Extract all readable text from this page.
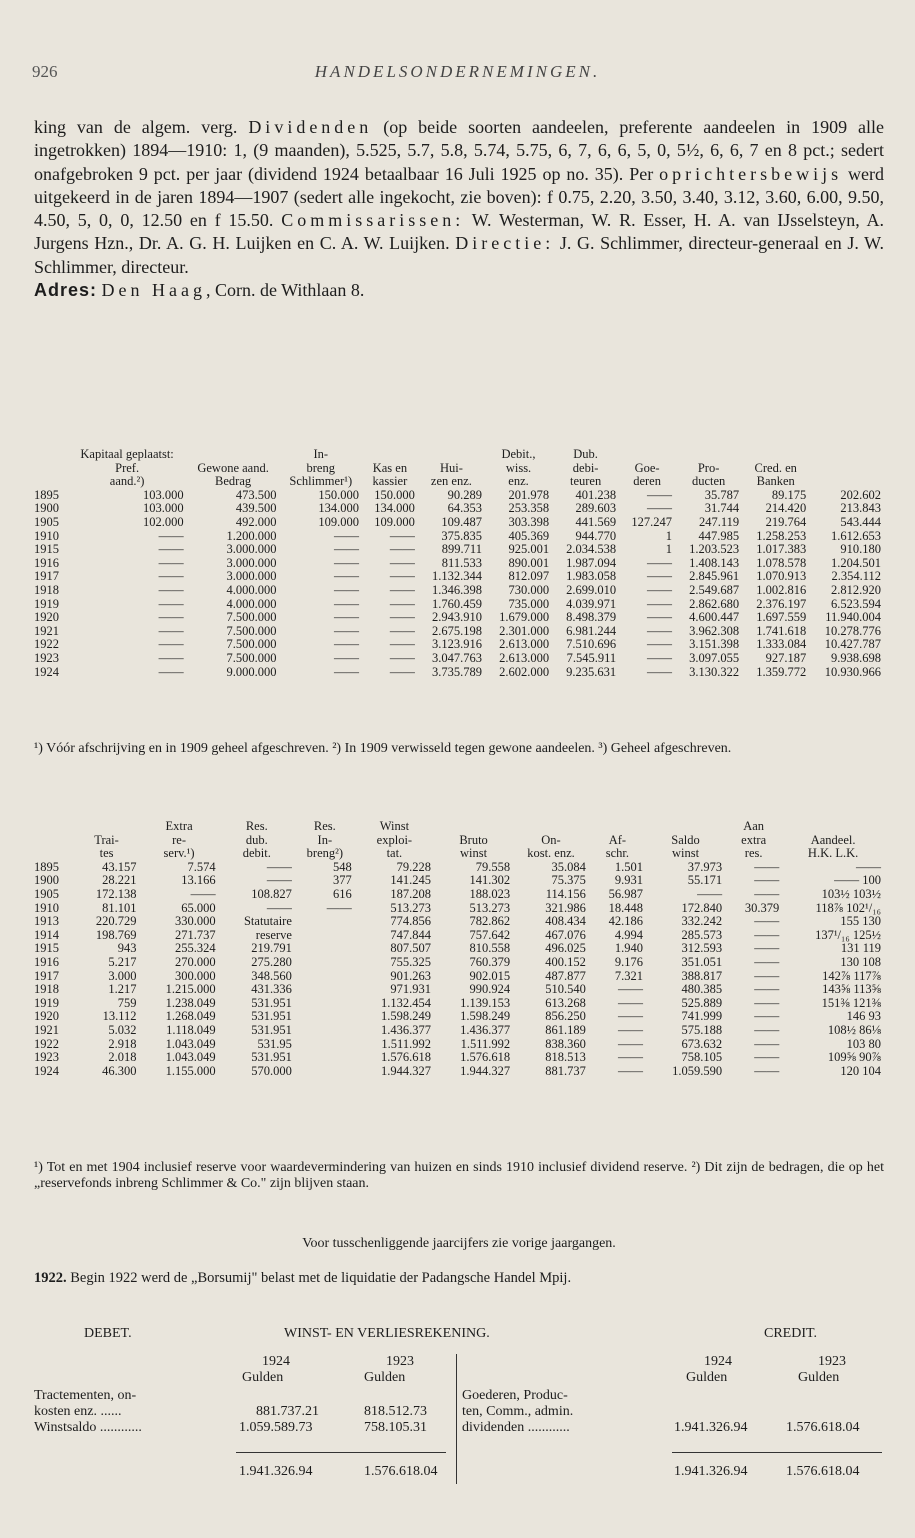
926	HANDELSONDERNEMINGEN.
king van de algem. verg. Dividenden (op beide soorten aandeelen, preferente aandeelen in 1909 alle ingetrokken) 1894—1910: 1, (9 maanden), 5.525, 5.7, 5.8, 5.74, 5.75, 6, 7, 6, 6, 5, 0, 5½, 6, 6, 7 en 8 pct.; sedert onafgebroken 9 pct. per jaar (dividend 1924 betaalbaar 16 Juli 1925 op no. 35). Per oprichtersbewijs werd uitgekeerd in de jaren 1894—1907 (sedert alle ingekocht, zie boven): f 0.75, 2.20, 3.50, 3.40, 3.12, 3.60, 6.00, 9.50, 4.50, 5, 0, 0, 12.50 en f 15.50. Commissarissen: W. Westerman, W. R. Esser, H. A. van IJsselsteyn, A. Jurgens Hzn., Dr. A. G. H. Luijken en C. A. W. Luijken. Directie: J. G. Schlimmer, directeur-generaal en J. W. Schlimmer, directeur.
Adres: Den Haag, Corn. de Withlaan 8.
	Kapitaal geplaatst:		In-			Debit.,	Dub.				
	Pref.	Gewone aand.	breng	Kas en	Hui-	wiss.	debi-	Goe-	Pro-	Cred. en	
	aand.²)	Bedrag	Schlimmer¹)	kassier	zen enz.	enz.	teuren	deren	ducten	Banken	
1895	103.000	473.500	150.000	150.000	90.289	201.978	401.238	——	35.787	89.175	202.602
1900	103.000	439.500	134.000	134.000	64.353	253.358	289.603	——	31.744	214.420	213.843
1905	102.000	492.000	109.000	109.000	109.487	303.398	441.569	127.247	247.119	219.764	543.444
1910	——	1.200.000	——	——	375.835	405.369	944.770	1	447.985	1.258.253	1.612.653
1915	——	3.000.000	——	——	899.711	925.001	2.034.538	1	1.203.523	1.017.383	910.180
1916	——	3.000.000	——	——	811.533	890.001	1.987.094	——	1.408.143	1.078.578	1.204.501
1917	——	3.000.000	——	——	1.132.344	812.097	1.983.058	——	2.845.961	1.070.913	2.354.112
1918	——	4.000.000	——	——	1.346.398	730.000	2.699.010	——	2.549.687	1.002.816	2.812.920
1919	——	4.000.000	——	——	1.760.459	735.000	4.039.971	——	2.862.680	2.376.197	6.523.594
1920	——	7.500.000	——	——	2.943.910	1.679.000	8.498.379	——	4.600.447	1.697.559	11.940.004
1921	——	7.500.000	——	——	2.675.198	2.301.000	6.981.244	——	3.962.308	1.741.618	10.278.776
1922	——	7.500.000	——	——	3.123.916	2.613.000	7.510.696	——	3.151.398	1.333.084	10.427.787
1923	——	7.500.000	——	——	3.047.763	2.613.000	7.545.911	——	3.097.055	927.187	9.938.698
1924	——	9.000.000	——	——	3.735.789	2.602.000	9.235.631	——	3.130.322	1.359.772	10.930.966
¹) Vóór afschrijving en in 1909 geheel afgeschreven. ²) In 1909 verwisseld tegen gewone aandeelen. ³) Geheel afgeschreven.
		Extra	Res.	Res.	Winst					Aan	
	Trai-	re-	dub.	In-	exploi-	Bruto	On-	Af-	Saldo	extra	Aandeel.
	tes	serv.¹)	debit.	breng²)	tat.	winst	kost. enz.	schr.	winst	res.	H.K. L.K.
1895	43.157	7.574	——	548	79.228	79.558	35.084	1.501	37.973	——	——
1900	28.221	13.166	——	377	141.245	141.302	75.375	9.931	55.171	——	—— 100
1905	172.138	——	108.827	616	187.208	188.023	114.156	56.987	——	——	103½ 103½
1910	81.101	65.000	——	——	513.273	513.273	321.986	18.448	172.840	30.379	118⅞ 102¹/₁₆
1913	220.729	330.000	Statutaire		774.856	782.862	408.434	42.186	332.242	——	155 130
1914	198.769	271.737	reserve		747.844	757.642	467.076	4.994	285.573	——	137¹/₁₆ 125½
1915	943	255.324	219.791		807.507	810.558	496.025	1.940	312.593	——	131 119
1916	5.217	270.000	275.280		755.325	760.379	400.152	9.176	351.051	——	130 108
1917	3.000	300.000	348.560		901.263	902.015	487.877	7.321	388.817	——	142⅞ 117⅞
1918	1.217	1.215.000	431.336		971.931	990.924	510.540	——	480.385	——	143⅝ 113⅝
1919	759	1.238.049	531.951		1.132.454	1.139.153	613.268	——	525.889	——	151⅜ 121⅜
1920	13.112	1.268.049	531.951		1.598.249	1.598.249	856.250	——	741.999	——	146 93
1921	5.032	1.118.049	531.951		1.436.377	1.436.377	861.189	——	575.188	——	108½ 86⅛
1922	2.918	1.043.049	531.95		1.511.992	1.511.992	838.360	——	673.632	——	103 80
1923	2.018	1.043.049	531.951		1.576.618	1.576.618	818.513	——	758.105	——	109⅝ 90⅞
1924	46.300	1.155.000	570.000		1.944.327	1.944.327	881.737	——	1.059.590	——	120 104
¹) Tot en met 1904 inclusief reserve voor waardevermindering van huizen en sinds 1910 inclusief dividend reserve. ²) Dit zijn de bedragen, die op het „reservefonds inbreng Schlimmer & Co." zijn blijven staan.
Voor tusschenliggende jaarcijfers zie vorige jaargangen.
1922. Begin 1922 werd de „Borsumij" belast met de liquidatie der Padangsche Handel Mpij.
DEBET.	WINST- EN VERLIESREKENING.	CREDIT.
1924	1923
Gulden	Gulden
1924	1923
Gulden	Gulden
Tractementen, on-
kosten enz. ......	881.737.21	818.512.73
Winstsaldo ............	1.059.589.73	758.105.31
Goederen, Produc-
ten, Comm., admin.
dividenden ............	1.941.326.94	1.576.618.04
1.941.326.94	1.576.618.04	1.941.326.94	1.576.618.04
